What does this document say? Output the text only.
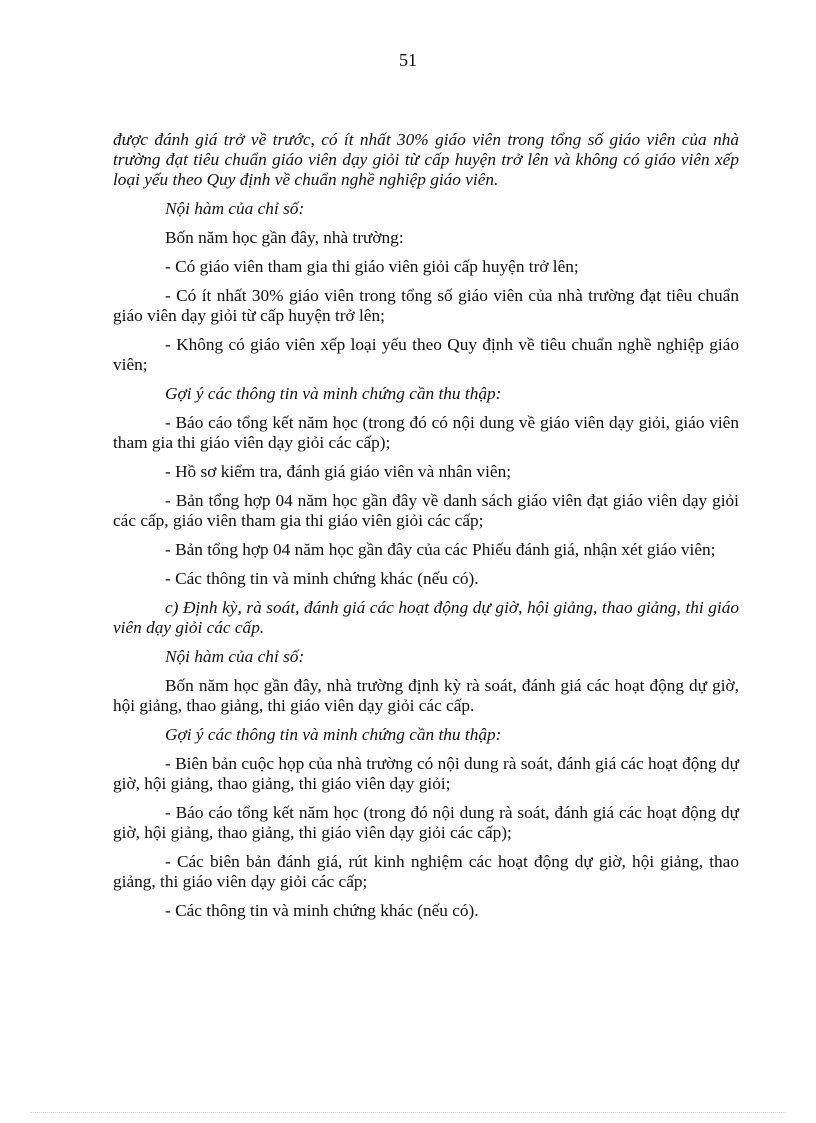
51

được đánh giá trở về trước, có ít nhất 30% giáo viên trong tổng số giáo viên của nhà trường đạt tiêu chuẩn giáo viên dạy giỏi từ cấp huyện trở lên và không có giáo viên xếp loại yếu theo Quy định về chuẩn nghề nghiệp giáo viên.

Nội hàm của chỉ số:

Bốn năm học gần đây, nhà trường:

- Có giáo viên tham gia thi giáo viên giỏi cấp huyện trở lên;

- Có ít nhất 30% giáo viên trong tổng số giáo viên của nhà trường đạt tiêu chuẩn giáo viên dạy giỏi từ cấp huyện trở lên;

- Không có giáo viên xếp loại yếu theo Quy định về tiêu chuẩn nghề nghiệp giáo viên;

Gợi ý các thông tin và minh chứng cần thu thập:

- Báo cáo tổng kết năm học (trong đó có nội dung về giáo viên dạy giỏi, giáo viên tham gia thi giáo viên dạy giỏi các cấp);

- Hồ sơ kiểm tra, đánh giá giáo viên và nhân viên;

- Bản tổng hợp 04 năm học gần đây về danh sách giáo viên đạt giáo viên dạy giỏi các cấp, giáo viên tham gia thi giáo viên giỏi các cấp;

- Bản tổng hợp 04 năm học gần đây của các Phiếu đánh giá, nhận xét giáo viên;

- Các thông tin và minh chứng khác (nếu có).

c) Định kỳ, rà soát, đánh giá các hoạt động dự giờ, hội giảng, thao giảng, thi giáo viên dạy giỏi các cấp.

Nội hàm của chỉ số:

Bốn năm học gần đây, nhà trường định kỳ rà soát, đánh giá các hoạt động dự giờ, hội giảng, thao giảng, thi giáo viên dạy giỏi các cấp.

Gợi ý các thông tin và minh chứng cần thu thập:

- Biên bản cuộc họp của nhà trường có nội dung rà soát, đánh giá các hoạt động dự giờ, hội giảng, thao giảng, thi giáo viên dạy giỏi;

- Báo cáo tổng kết năm học (trong đó nội dung rà soát, đánh giá các hoạt động dự giờ, hội giảng, thao giảng, thi giáo viên dạy giỏi các cấp);

- Các biên bản đánh giá, rút kinh nghiệm các hoạt động dự giờ, hội giảng, thao giảng, thi giáo viên dạy giỏi các cấp;

- Các thông tin và minh chứng khác (nếu có).
